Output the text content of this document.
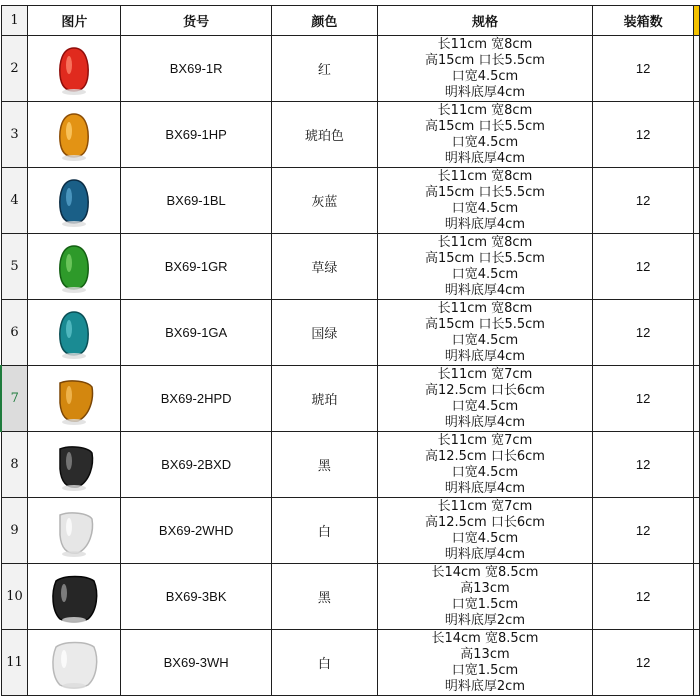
1	图片	货号	颜色	规格	装箱数	
2		BX69-1R	红	长11cm 宽8cm
高15cm 口长5.5cm
口宽4.5cm
明料底厚4cm	12	
3		BX69-1HP	琥珀色	长11cm 宽8cm
高15cm 口长5.5cm
口宽4.5cm
明料底厚4cm	12	
4		BX69-1BL	灰蓝	长11cm 宽8cm
高15cm 口长5.5cm
口宽4.5cm
明料底厚4cm	12	
5		BX69-1GR	草绿	长11cm 宽8cm
高15cm 口长5.5cm
口宽4.5cm
明料底厚4cm	12	
6		BX69-1GA	国绿	长11cm 宽8cm
高15cm 口长5.5cm
口宽4.5cm
明料底厚4cm	12	
7		BX69-2HPD	琥珀	长11cm 宽7cm
高12.5cm 口长6cm
口宽4.5cm
明料底厚4cm	12	
8		BX69-2BXD	黑	长11cm 宽7cm
高12.5cm 口长6cm
口宽4.5cm
明料底厚4cm	12	
9		BX69-2WHD	白	长11cm 宽7cm
高12.5cm 口长6cm
口宽4.5cm
明料底厚4cm	12	
10		BX69-3BK	黑	长14cm 宽8.5cm
高13cm
口宽1.5cm
明料底厚2cm	12	
11		BX69-3WH	白	长14cm 宽8.5cm
高13cm
口宽1.5cm
明料底厚2cm	12	
